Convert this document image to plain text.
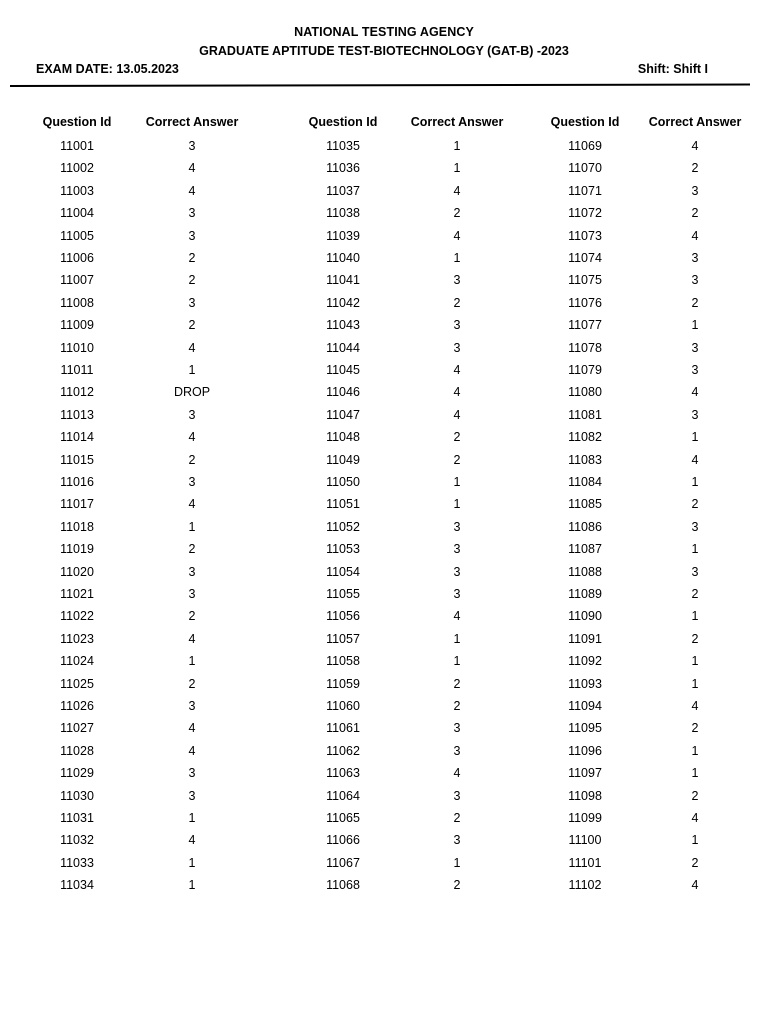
NATIONAL TESTING AGENCY
GRADUATE APTITUDE TEST-BIOTECHNOLOGY (GAT-B) -2023
EXAM DATE: 13.05.2023	Shift: Shift I
Question Id	Correct Answer
11001	3
11002	4
11003	4
11004	3
11005	3
11006	2
11007	2
11008	3
11009	2
11010	4
11011	1
11012	DROP
11013	3
11014	4
11015	2
11016	3
11017	4
11018	1
11019	2
11020	3
11021	3
11022	2
11023	4
11024	1
11025	2
11026	3
11027	4
11028	4
11029	3
11030	3
11031	1
11032	4
11033	1
11034	1
Question Id	Correct Answer
11035	1
11036	1
11037	4
11038	2
11039	4
11040	1
11041	3
11042	2
11043	3
11044	3
11045	4
11046	4
11047	4
11048	2
11049	2
11050	1
11051	1
11052	3
11053	3
11054	3
11055	3
11056	4
11057	1
11058	1
11059	2
11060	2
11061	3
11062	3
11063	4
11064	3
11065	2
11066	3
11067	1
11068	2
Question Id	Correct Answer
11069	4
11070	2
11071	3
11072	2
11073	4
11074	3
11075	3
11076	2
11077	1
11078	3
11079	3
11080	4
11081	3
11082	1
11083	4
11084	1
11085	2
11086	3
11087	1
11088	3
11089	2
11090	1
11091	2
11092	1
11093	1
11094	4
11095	2
11096	1
11097	1
11098	2
11099	4
11100	1
11101	2
11102	4
